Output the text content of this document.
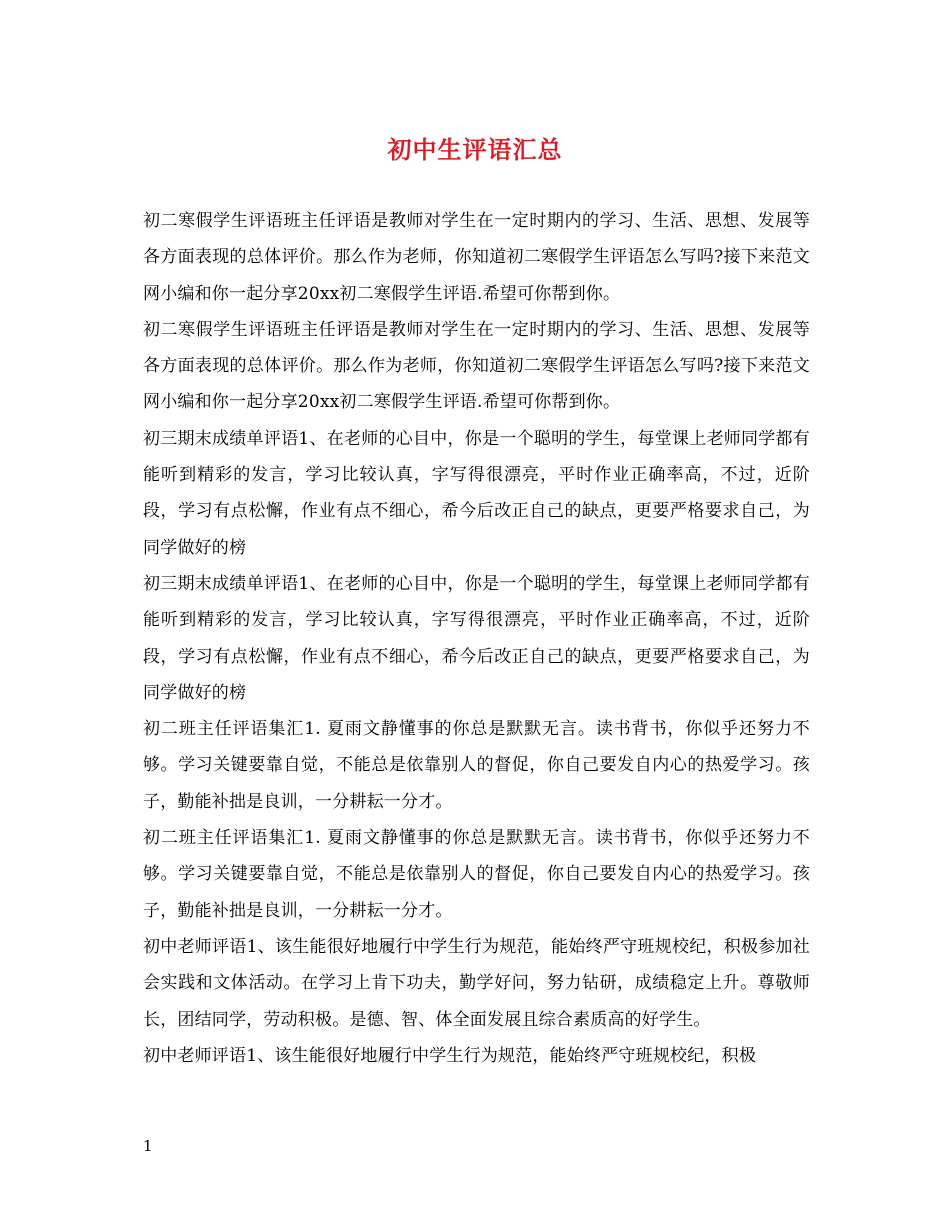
初中生评语汇总

初二寒假学生评语班主任评语是教师对学生在一定时期内的学习、生活、思想、发展等各方面表现的总体评价。那么作为老师，你知道初二寒假学生评语怎么写吗?接下来范文网小编和你一起分享20xx初二寒假学生评语.希望可你帮到你。

初二寒假学生评语班主任评语是教师对学生在一定时期内的学习、生活、思想、发展等各方面表现的总体评价。那么作为老师，你知道初二寒假学生评语怎么写吗?接下来范文网小编和你一起分享20xx初二寒假学生评语.希望可你帮到你。

初三期末成绩单评语1、在老师的心目中，你是一个聪明的学生，每堂课上老师同学都有能听到精彩的发言，学习比较认真，字写得很漂亮，平时作业正确率高，不过，近阶段，学习有点松懈，作业有点不细心，希今后改正自己的缺点，更要严格要求自己，为同学做好的榜

初三期末成绩单评语1、在老师的心目中，你是一个聪明的学生，每堂课上老师同学都有能听到精彩的发言，学习比较认真，字写得很漂亮，平时作业正确率高，不过，近阶段，学习有点松懈，作业有点不细心，希今后改正自己的缺点，更要严格要求自己，为同学做好的榜

初二班主任评语集汇1. 夏雨文静懂事的你总是默默无言。读书背书，你似乎还努力不够。学习关键要靠自觉，不能总是依靠别人的督促，你自己要发自内心的热爱学习。孩子，勤能补拙是良训，一分耕耘一分才。

初二班主任评语集汇1. 夏雨文静懂事的你总是默默无言。读书背书，你似乎还努力不够。学习关键要靠自觉，不能总是依靠别人的督促，你自己要发自内心的热爱学习。孩子，勤能补拙是良训，一分耕耘一分才。

初中老师评语1、该生能很好地履行中学生行为规范，能始终严守班规校纪，积极参加社会实践和文体活动。在学习上肯下功夫，勤学好问，努力钻研，成绩稳定上升。尊敬师长，团结同学，劳动积极。是德、智、体全面发展且综合素质高的好学生。

初中老师评语1、该生能很好地履行中学生行为规范，能始终严守班规校纪，积极

1
